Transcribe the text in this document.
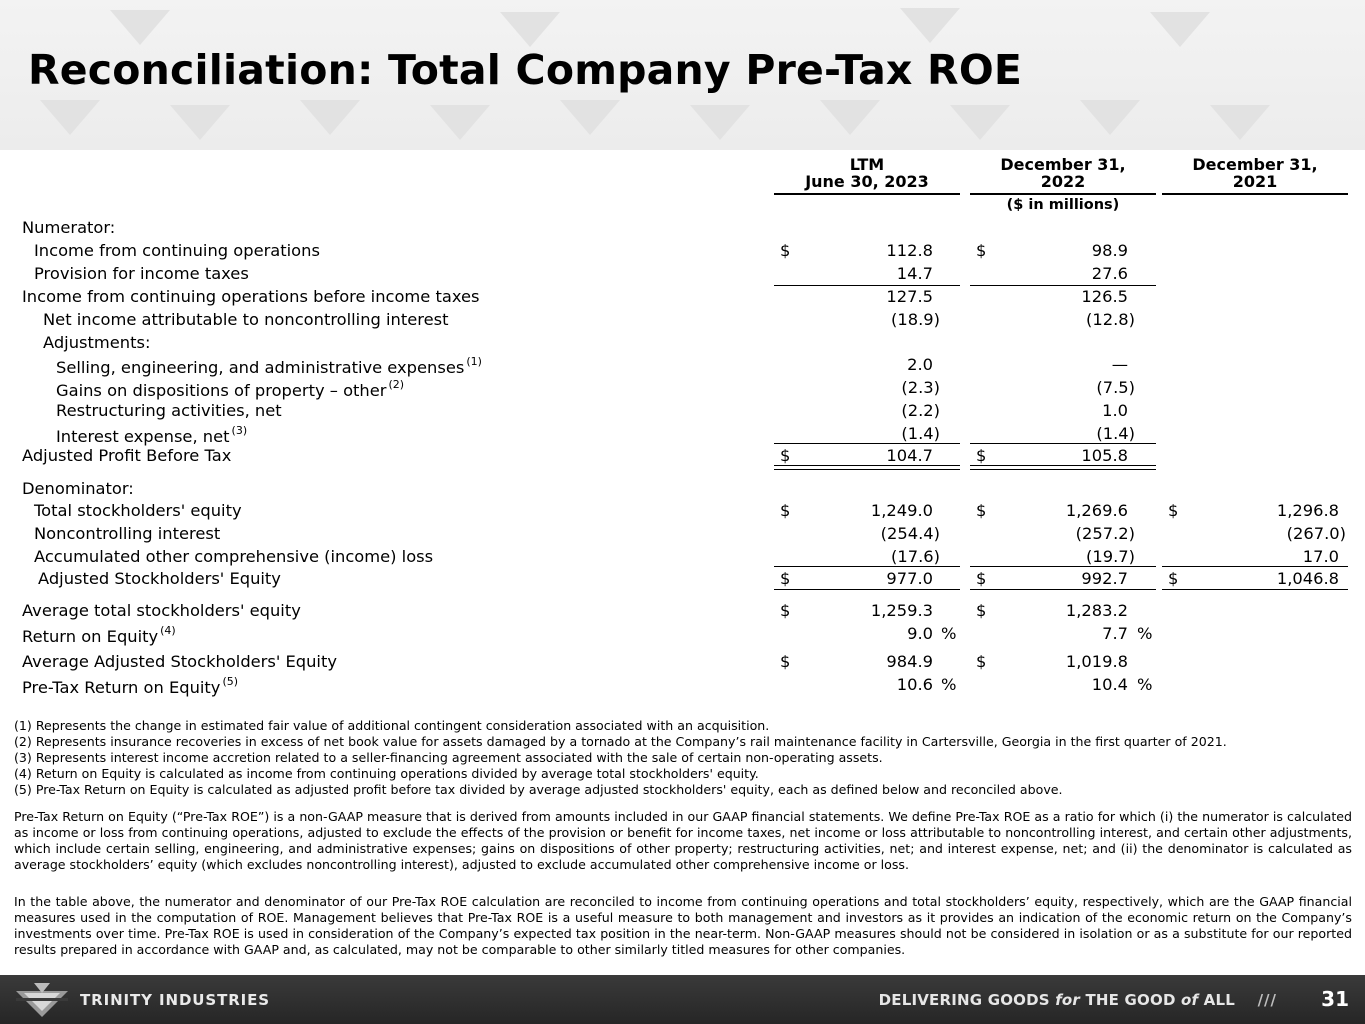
Reconciliation: Total Company Pre-Tax ROE
LTM
June 30, 2023
December 31,
2022
December 31,
2021
($ in millions)
Numerator:
Income from continuing operations	$	112.8	$	98.9
Provision for income taxes	14.7	27.6
Income from continuing operations before income taxes	127.5	126.5
Net income attributable to noncontrolling interest	(18.9)	(12.8)
Adjustments:
Selling, engineering, and administrative expenses $^{(1)}$	2.0	—
Gains on dispositions of property – other $^{(2)}$	(2.3)	(7.5)
Restructuring activities, net	(2.2)	1.0
Interest expense, net $^{(3)}$	(1.4)	(1.4)
Adjusted Profit Before Tax	$	104.7	$	105.8
Denominator:
Total stockholders' equity	$	1,249.0	$	1,269.6 $	1,296.8
Noncontrolling interest	(254.4)	(257.2)	(267.0)
Accumulated other comprehensive (income) loss	(17.6)	(19.7)	17.0
Adjusted Stockholders' Equity	$	977.0	$	992.7 $	1,046.8
Average total stockholders' equity	$	1,259.3	$	1,283.2
Return on Equity $^{(4)}$	9.0 %	7.7 %
Average Adjusted Stockholders' Equity	$	984.9	$	1,019.8
Pre-Tax Return on Equity $^{(5)}$	10.6 %	10.4 %

(1) Represents the change in estimated fair value of additional contingent consideration associated with an acquisition.

(2) Represents insurance recoveries in excess of net book value for assets damaged by a tornado at the Company’s rail maintenance facility in Cartersville, Georgia in the first quarter of 2021.

(3) Represents interest income accretion related to a seller-financing agreement associated with the sale of certain non-operating assets.

(4) Return on Equity is calculated as income from continuing operations divided by average total stockholders' equity.

(5) Pre-Tax Return on Equity is calculated as adjusted profit before tax divided by average adjusted stockholders' equity, each as defined below and reconciled above.

Pre-Tax Return on Equity (“Pre-Tax ROE”) is a non-GAAP measure that is derived from amounts included in our GAAP financial statements. We define Pre-Tax ROE as a ratio for which (i) the numerator is calculated as income or loss from continuing operations, adjusted to exclude the effects of the provision or benefit for income taxes, net income or loss attributable to noncontrolling interest, and certain other adjustments, which include certain selling, engineering, and administrative expenses; gains on dispositions of other property; restructuring activities, net; and interest expense, net; and (ii) the denominator is calculated as average stockholders’ equity (which excludes noncontrolling interest), adjusted to exclude accumulated other comprehensive income or loss.
In the table above, the numerator and denominator of our Pre-Tax ROE calculation are reconciled to income from continuing operations and total stockholders’ equity, respectively, which are the GAAP financial measures used in the computation of ROE. Management believes that Pre-Tax ROE is a useful measure to both management and investors as it provides an indication of the economic return on the Company’s investments over time. Pre-Tax ROE is used in consideration of the Company’s expected tax position in the near-term. Non-GAAP measures should not be considered in isolation or as a substitute for our reported results prepared in accordance with GAAP and, as calculated, may not be comparable to other similarly titled measures for other companies.
TRINITY INDUSTRIES	DELIVERING GOODS for THE GOOD of ALL /// 31
